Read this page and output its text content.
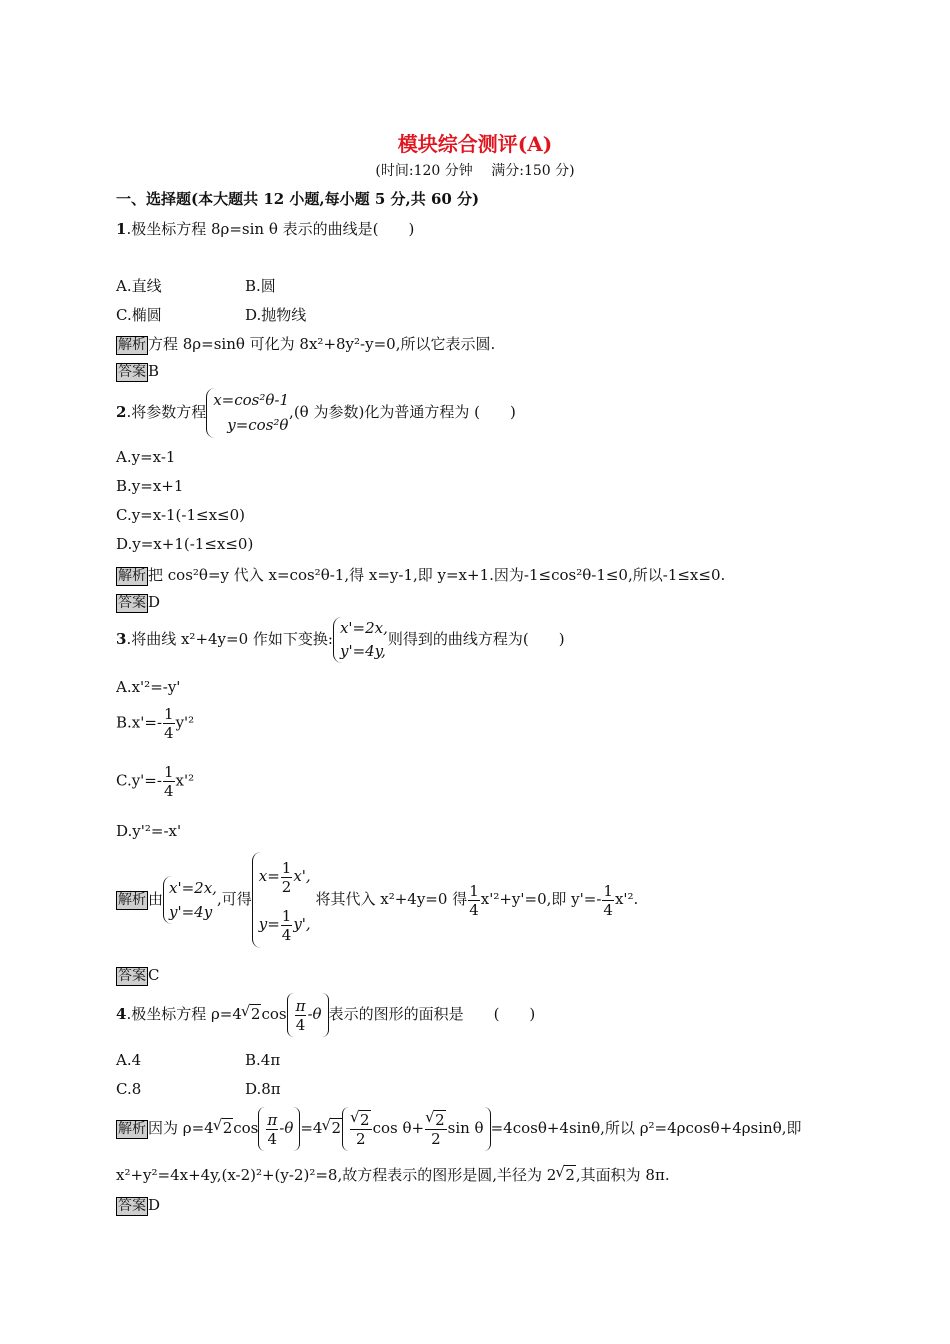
模块综合测评(A)
(时间:120 分钟　 满分:150 分)
一、选择题(本大题共 12 小题,每小题 5 分,共 60 分)
1.极坐标方程 8ρ=sin θ 表示的曲线是(　　)
A.直线	B.圆
C.椭圆	D.抛物线
解析 方程 8ρ=sinθ 可化为 8x²+8y²-y=0,所以它表示圆.
答案 B
2.将参数方程
x=cos²θ-1
y=cos²θ
,(θ 为参数)化为普通方程为 (　　)
A.y=x-1
B.y=x+1
C.y=x-1(-1≤x≤0)
D.y=x+1(-1≤x≤0)
解析 把 cos²θ=y 代入 x=cos²θ-1,得 x=y-1,即 y=x+1.因为-1≤cos²θ-1≤0,所以-1≤x≤0.
答案 D
3.将曲线 x²+4y=0 作如下变换:
x'=2x,
y'=4y,
则得到的曲线方程为(　　)
A.x'²=-y'
$B.x'=- \frac{1}{4} y'^2$
$C.y'=- \frac{1}{4} x'^2$
D.y'²=-x'
解析 由
x'=2x,
y'=4y
,可得
$x= \frac{1}{2} x'$,
$y= \frac{1}{4} y'$,
将其代入 x²+4y=0 得 $\frac{1}{4} x'^2+y'=0$,即 $y'=- \frac{1}{4} x'^2$.
答案 C
4.极坐标方程 ρ=4√ $2\cos \frac{\pi}{4} -\theta$ 表示的图形的面积是　　(　　)
A.4	B.4π
C.8	D.8π
解析 因为 ρ=4√ $2\cos \frac{\pi}{4} -\theta =4√$ 2
√ $\frac{2}{2}$ cos θ+
√ $\frac{2}{2}$ sin θ =4cosθ+4sinθ,所以 ρ²=4ρcosθ+4ρsinθ,即
x²+y²=4x+4y,(x-2)²+(y-2)²=8,故方程表示的图形是圆,半径为 2√ 2,其面积为 8π.
答案 D
